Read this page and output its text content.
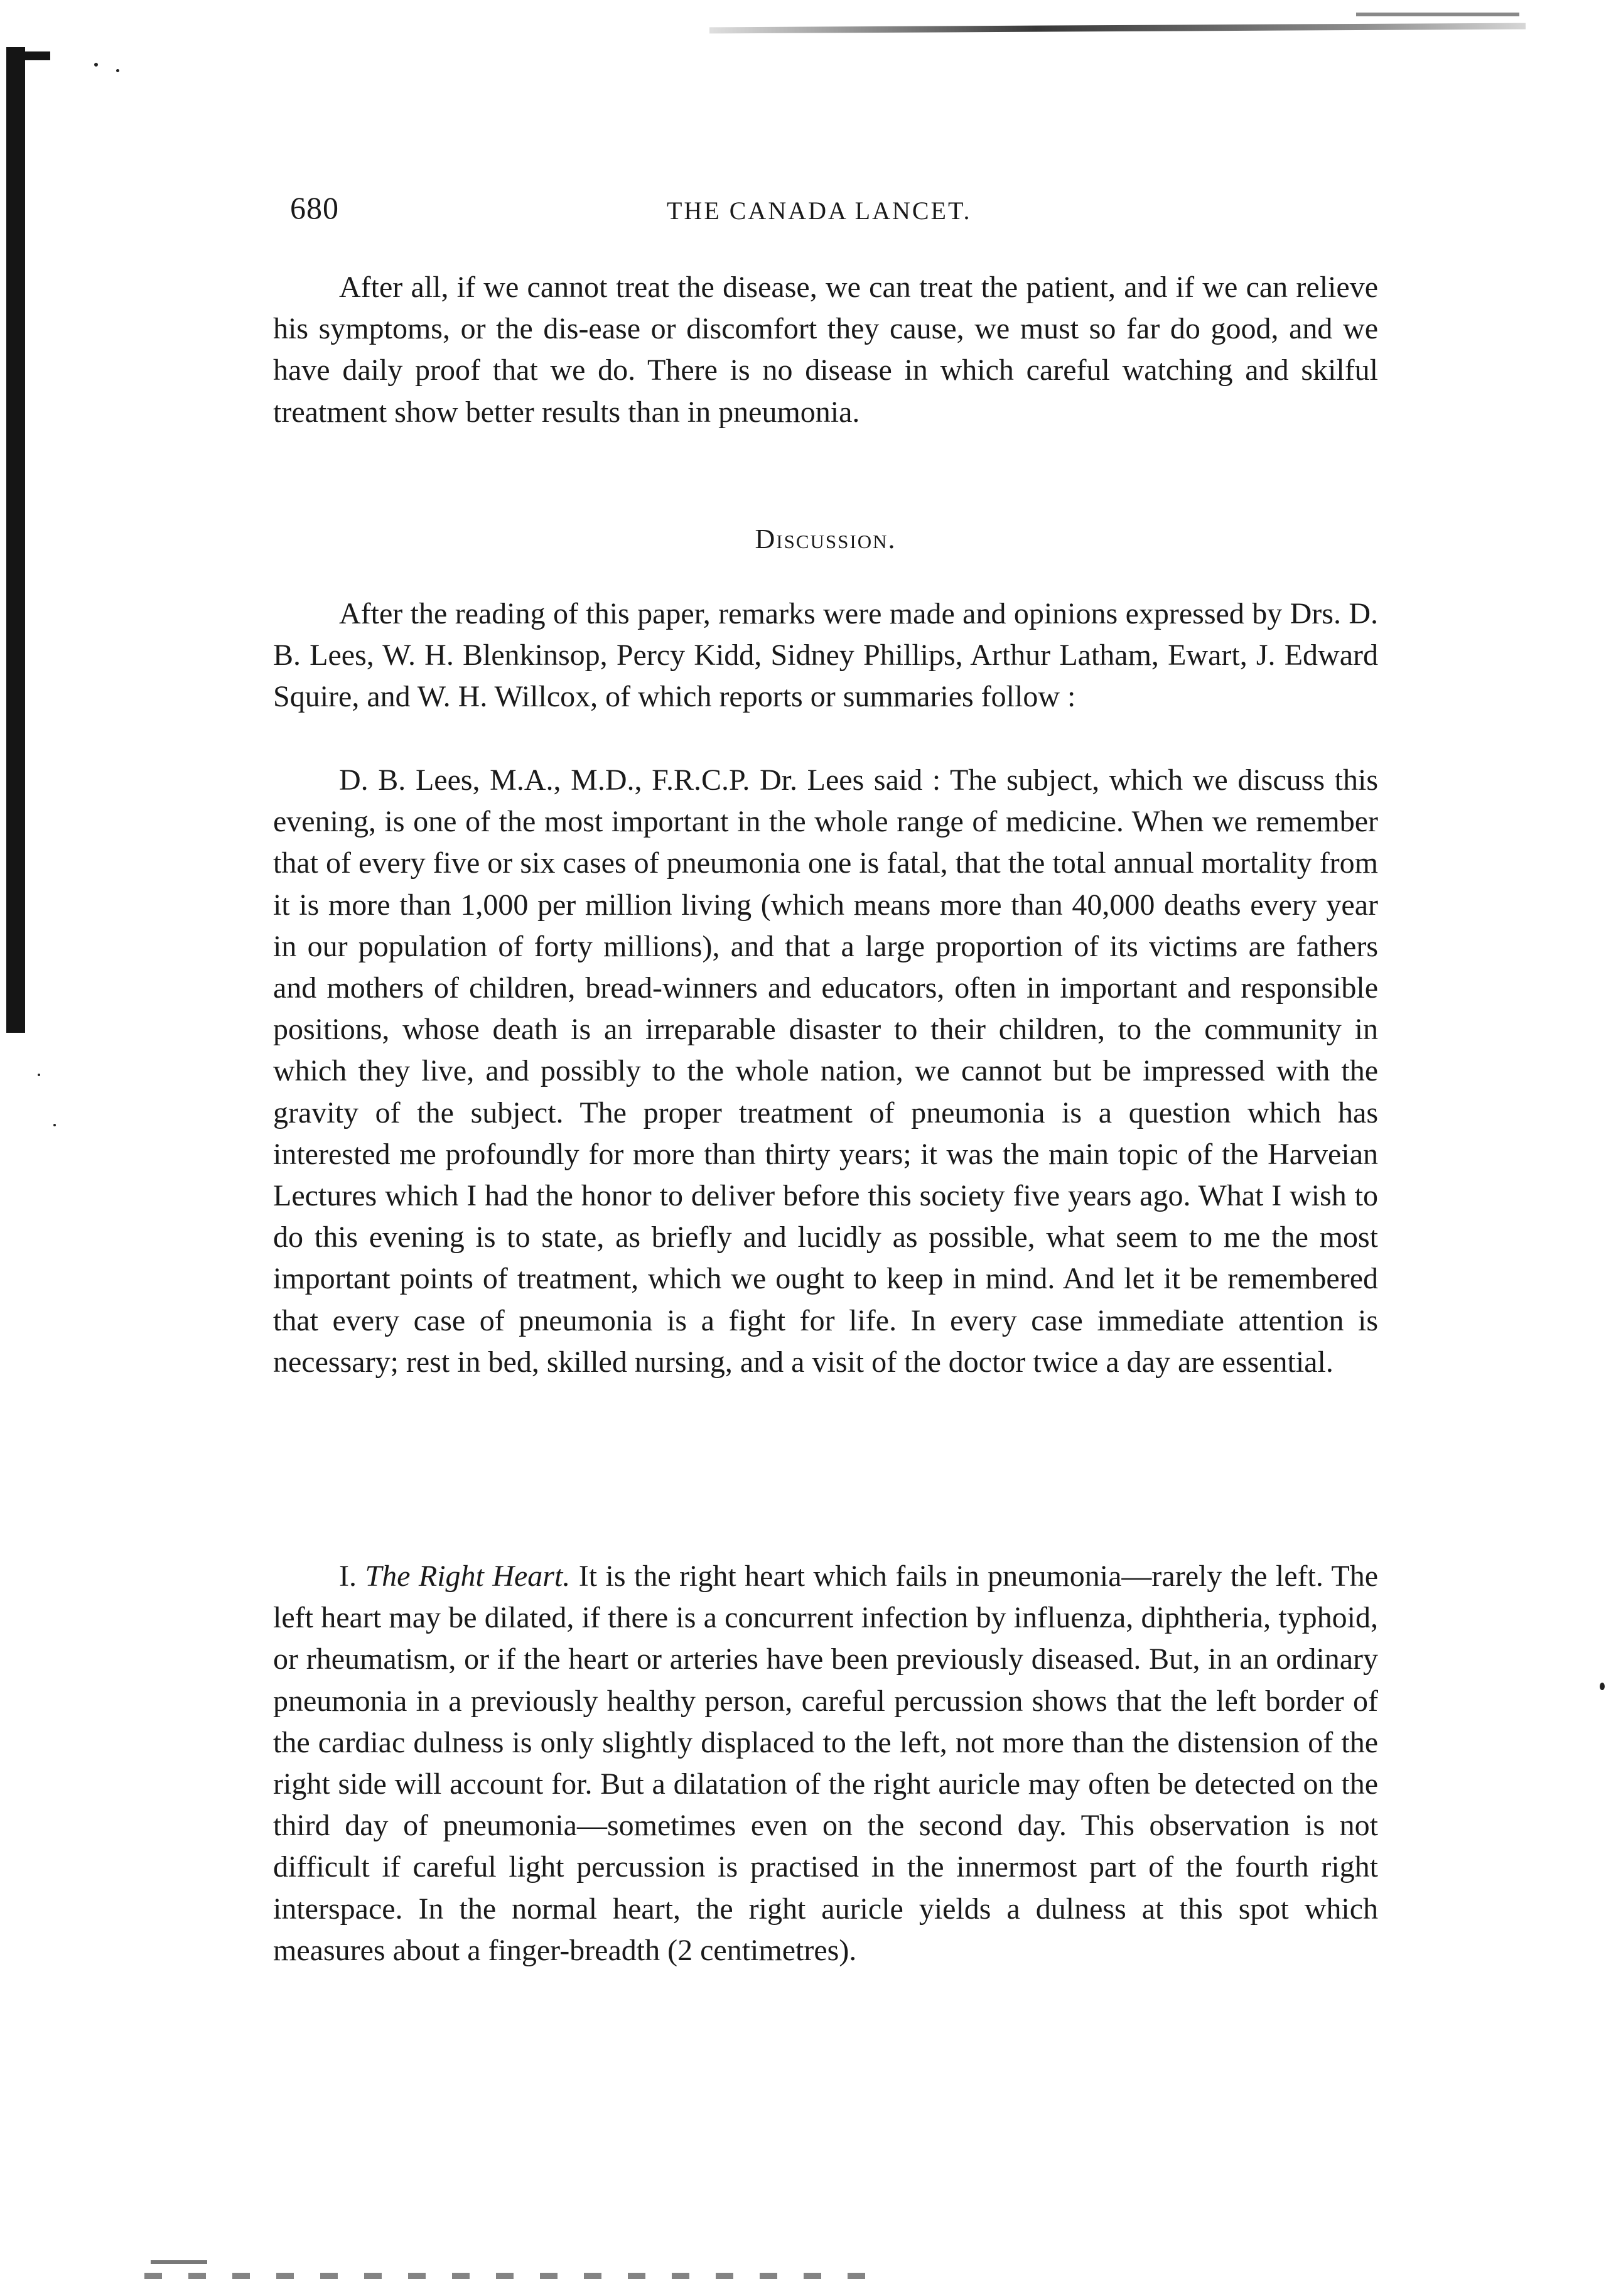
680	THE CANADA LANCET.

After all, if we cannot treat the disease, we can treat the patient, and if we can relieve his symptoms, or the dis-ease or discomfort they cause, we must so far do good, and we have daily proof that we do. There is no disease in which careful watching and skilful treatment show better results than in pneumonia.

Discussion.

After the reading of this paper, remarks were made and opinions expressed by Drs. D. B. Lees, W. H. Blenkinsop, Percy Kidd, Sidney Phillips, Arthur Latham, Ewart, J. Edward Squire, and W. H. Willcox, of which reports or summaries follow :

D. B. Lees, M.A., M.D., F.R.C.P. Dr. Lees said : The subject, which we discuss this evening, is one of the most important in the whole range of medicine. When we remember that of every five or six cases of pneumonia one is fatal, that the total annual mortality from it is more than 1,000 per million living (which means more than 40,000 deaths every year in our population of forty millions), and that a large proportion of its victims are fathers and mothers of children, bread-winners and educators, often in important and responsible positions, whose death is an irreparable disaster to their children, to the community in which they live, and possibly to the whole nation, we cannot but be impressed with the gravity of the subject. The proper treatment of pneumonia is a question which has interested me profoundly for more than thirty years; it was the main topic of the Harveian Lectures which I had the honor to deliver before this society five years ago. What I wish to do this evening is to state, as briefly and lucidly as possible, what seem to me the most important points of treatment, which we ought to keep in mind. And let it be remembered that every case of pneumonia is a fight for life. In every case immediate attention is necessary; rest in bed, skilled nursing, and a visit of the doctor twice a day are essential.

I. The Right Heart. It is the right heart which fails in pneumonia—rarely the left. The left heart may be dilated, if there is a concurrent infection by influenza, diphtheria, typhoid, or rheumatism, or if the heart or arteries have been previously diseased. But, in an ordinary pneumonia in a previously healthy person, careful percussion shows that the left border of the cardiac dulness is only slightly displaced to the left, not more than the distension of the right side will account for. But a dilatation of the right auricle may often be detected on the third day of pneumonia—sometimes even on the second day. This observation is not difficult if careful light percussion is practised in the innermost part of the fourth right interspace. In the normal heart, the right auricle yields a dulness at this spot which measures about a finger-breadth (2 centimetres).
